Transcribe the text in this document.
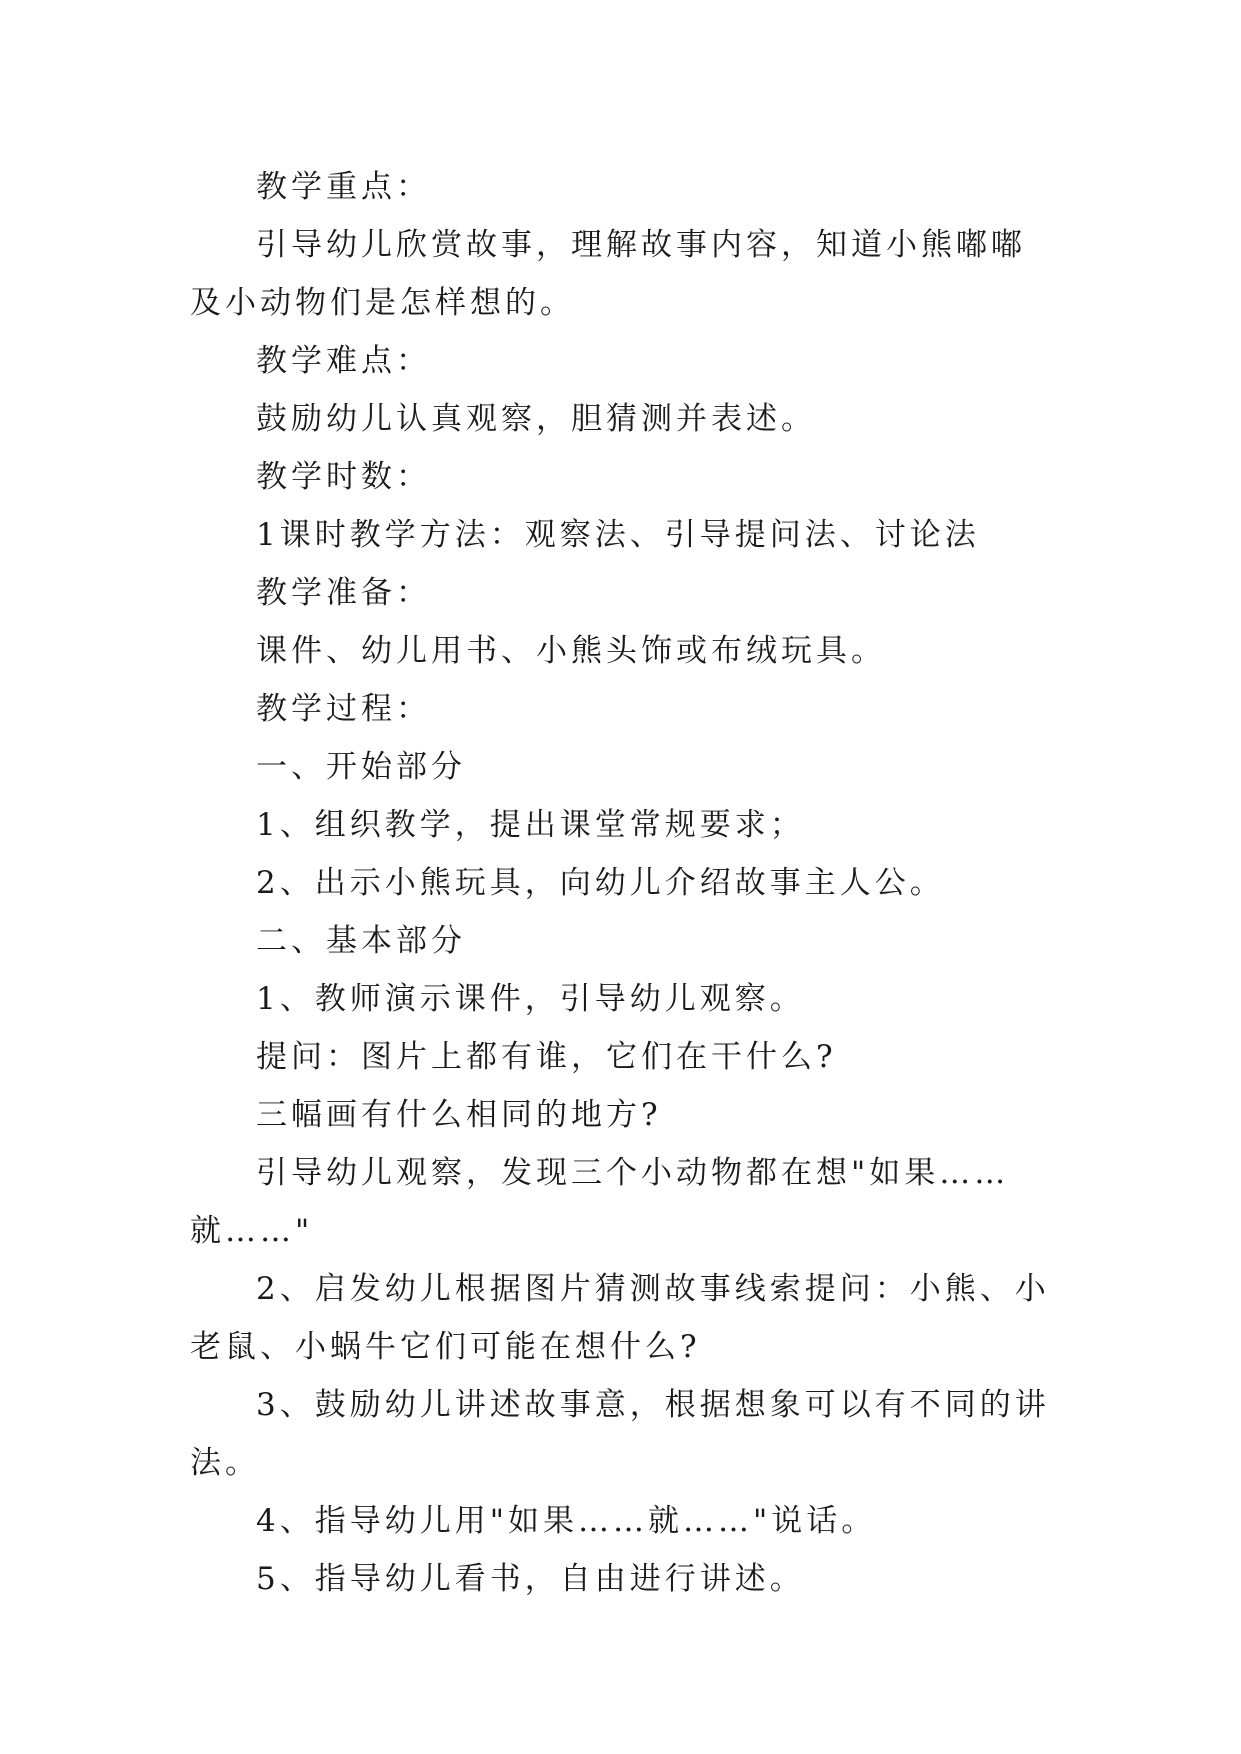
教学重点：

引导幼儿欣赏故事，理解故事内容，知道小熊嘟嘟及小动物们是怎样想的。

教学难点：

鼓励幼儿认真观察，胆猜测并表述。

教学时数：

1课时教学方法：观察法、引导提问法、讨论法

教学准备：

课件、幼儿用书、小熊头饰或布绒玩具。

教学过程：

一、开始部分

1、组织教学，提出课堂常规要求；

2、出示小熊玩具，向幼儿介绍故事主人公。

二、基本部分

1、教师演示课件，引导幼儿观察。

提问：图片上都有谁，它们在干什么?

三幅画有什么相同的地方?

引导幼儿观察，发现三个小动物都在想"如果……就……"

2、启发幼儿根据图片猜测故事线索提问：小熊、小老鼠、小蜗牛它们可能在想什么?

3、鼓励幼儿讲述故事意，根据想象可以有不同的讲法。

4、指导幼儿用"如果……就……"说话。

5、指导幼儿看书，自由进行讲述。
